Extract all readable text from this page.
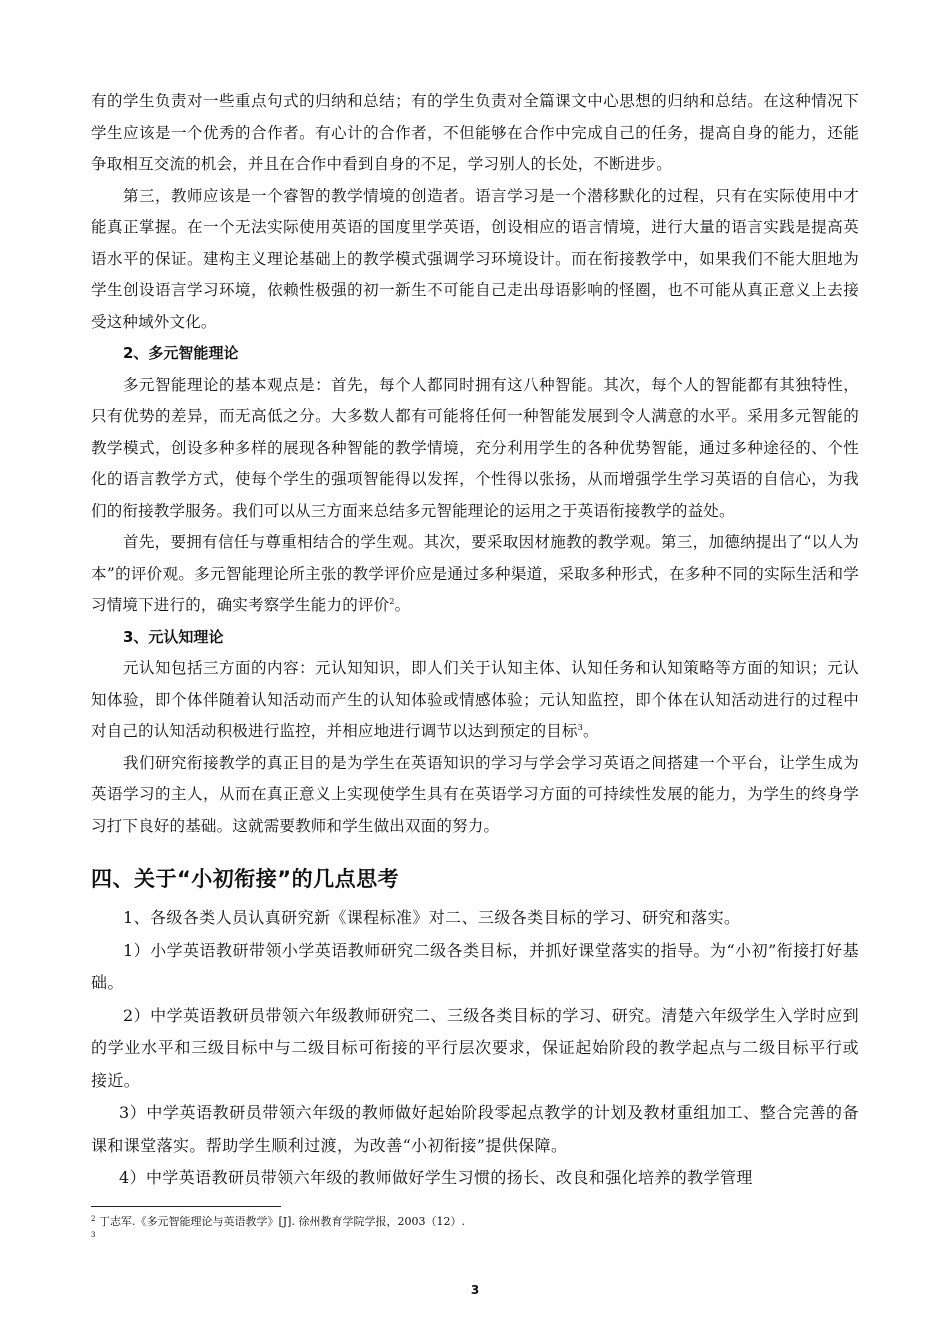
有的学生负责对一些重点句式的归纳和总结；有的学生负责对全篇课文中心思想的归纳和总结。在这种情况下学生应该是一个优秀的合作者。有心计的合作者，不但能够在合作中完成自己的任务，提高自身的能力，还能争取相互交流的机会，并且在合作中看到自身的不足，学习别人的长处，不断进步。

第三，教师应该是一个睿智的教学情境的创造者。语言学习是一个潜移默化的过程，只有在实际使用中才能真正掌握。在一个无法实际使用英语的国度里学英语，创设相应的语言情境，进行大量的语言实践是提高英语水平的保证。建构主义理论基础上的教学模式强调学习环境设计。而在衔接教学中，如果我们不能大胆地为学生创设语言学习环境，依赖性极强的初一新生不可能自己走出母语影响的怪圈，也不可能从真正意义上去接受这种域外文化。

2、多元智能理论

多元智能理论的基本观点是：首先，每个人都同时拥有这八种智能。其次，每个人的智能都有其独特性，只有优势的差异，而无高低之分。大多数人都有可能将任何一种智能发展到令人满意的水平。采用多元智能的教学模式，创设多种多样的展现各种智能的教学情境，充分利用学生的各种优势智能，通过多种途径的、个性化的语言教学方式，使每个学生的强项智能得以发挥，个性得以张扬，从而增强学生学习英语的自信心，为我们的衔接教学服务。我们可以从三方面来总结多元智能理论的运用之于英语衔接教学的益处。

首先，要拥有信任与尊重相结合的学生观。其次，要采取因材施教的教学观。第三，加德纳提出了“以人为本”的评价观。多元智能理论所主张的教学评价应是通过多种渠道，采取多种形式，在多种不同的实际生活和学习情境下进行的，确实考察学生能力的评价$^2$。

3、元认知理论

元认知包括三方面的内容：元认知知识，即人们关于认知主体、认知任务和认知策略等方面的知识；元认知体验，即个体伴随着认知活动而产生的认知体验或情感体验；元认知监控，即个体在认知活动进行的过程中对自己的认知活动积极进行监控，并相应地进行调节以达到预定的目标$^3$。

我们研究衔接教学的真正目的是为学生在英语知识的学习与学会学习英语之间搭建一个平台，让学生成为英语学习的主人，从而在真正意义上实现使学生具有在英语学习方面的可持续性发展的能力，为学生的终身学习打下良好的基础。这就需要教师和学生做出双面的努力。

四、关于“小初衔接”的几点思考

1、各级各类人员认真研究新《课程标准》对二、三级各类目标的学习、研究和落实。

1）小学英语教研带领小学英语教师研究二级各类目标，并抓好课堂落实的指导。为“小初”衔接打好基础。

2）中学英语教研员带领六年级教师研究二、三级各类目标的学习、研究。清楚六年级学生入学时应到的学业水平和三级目标中与二级目标可衔接的平行层次要求，保证起始阶段的教学起点与二级目标平行或接近。

3）中学英语教研员带领六年级的教师做好起始阶段零起点教学的计划及教材重组加工、整合完善的备课和课堂落实。帮助学生顺利过渡，为改善“小初衔接”提供保障。

4）中学英语教研员带领六年级的教师做好学生习惯的扬长、改良和强化培养的教学管理

$^2$ 丁志军.《多元智能理论与英语教学》[J]. 徐州教育学院学报，2003（12）.

$^3$

3
